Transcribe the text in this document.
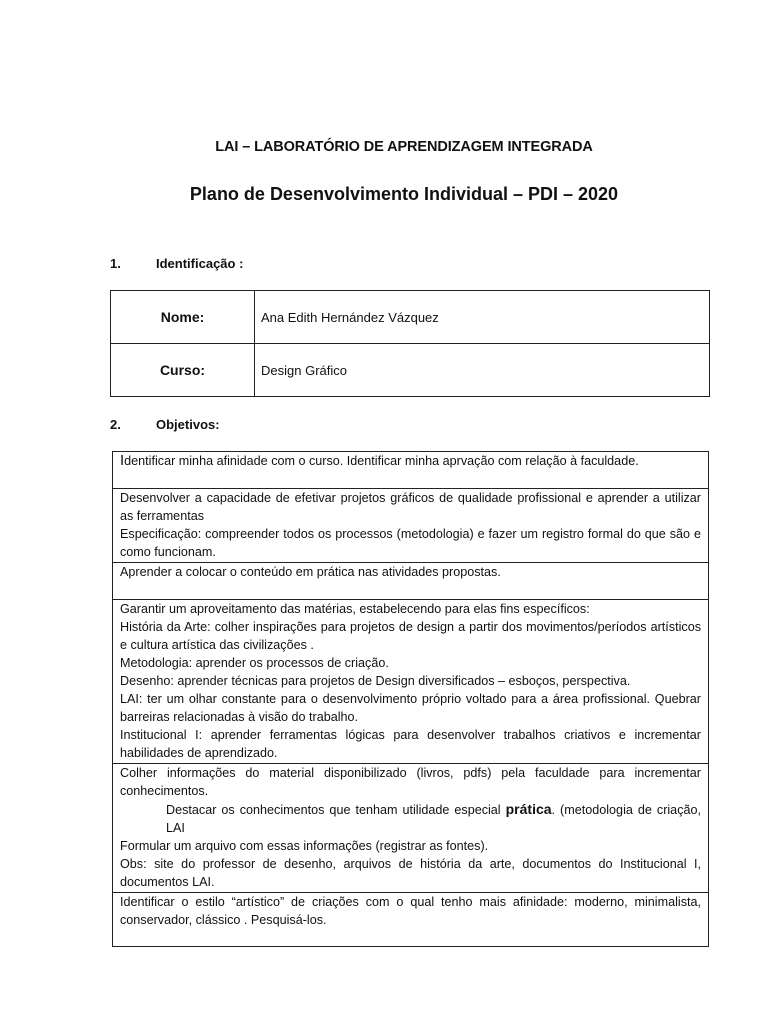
LAI – LABORATÓRIO DE APRENDIZAGEM INTEGRADA
Plano de Desenvolvimento Individual – PDI – 2020
1.	Identificação :
Nome:	Ana Edith Hernández Vázquez
Curso:	Design Gráfico
2.	Objetivos:
Identificar minha afinidade com o curso. Identificar minha aprvação com relação à faculdade.

Desenvolver a capacidade de efetivar projetos gráficos de qualidade profissional e aprender a utilizar as ferramentas
Especificação: compreender todos os processos (metodologia) e fazer um registro formal do que são e como funcionam.

Aprender a colocar o conteúdo em prática nas atividades propostas.

Garantir um aproveitamento das matérias, estabelecendo para elas fins específicos:
História da Arte: colher inspirações para projetos de design a partir dos movimentos/períodos artísticos e cultura artística das civilizações .
Metodologia: aprender os processos de criação.
Desenho: aprender técnicas para projetos de Design diversificados – esboços, perspectiva.
LAI: ter um olhar constante para o desenvolvimento próprio voltado para a área profissional. Quebrar barreiras relacionadas à visão do trabalho.
Institucional I: aprender ferramentas lógicas para desenvolver trabalhos criativos e incrementar habilidades de aprendizado.

Colher informações do material disponibilizado (livros, pdfs) pela faculdade para incrementar conhecimentos.
Destacar os conhecimentos que tenham utilidade especial prática. (metodologia de criação, LAI
Formular um arquivo com essas informações (registrar as fontes).
Obs: site do professor de desenho, arquivos de história da arte, documentos do Institucional I, documentos LAI.

Identificar o estilo “artístico” de criações com o qual tenho mais afinidade: moderno, minimalista, conservador, clássico . Pesquisá-los.
